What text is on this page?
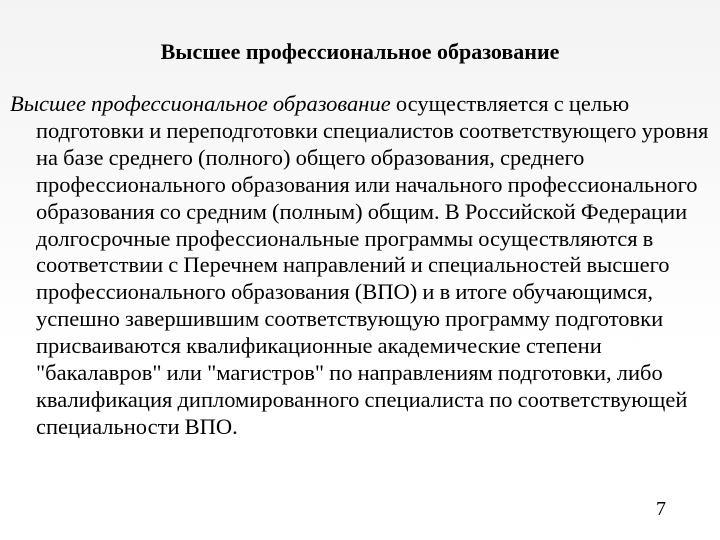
Высшее профессиональное образование
Высшее профессиональное образование осуществляется с целью подготовки и переподготовки специалистов соответствующего уровня на базе среднего (полного) общего образования, среднего профессионального образования или начального профессионального образования со средним (полным) общим. В Российской Федерации долгосрочные профессиональные программы осуществляются в соответствии с Перечнем направлений и специальностей высшего профессионального образования (ВПО) и в итоге обучающимся, успешно завершившим соответствующую программу подготовки присваиваются квалификационные академические степени "бакалавров" или "магистров" по направлениям подготовки, либо квалификация дипломированного специалиста по соответствующей специальности ВПО.
7
